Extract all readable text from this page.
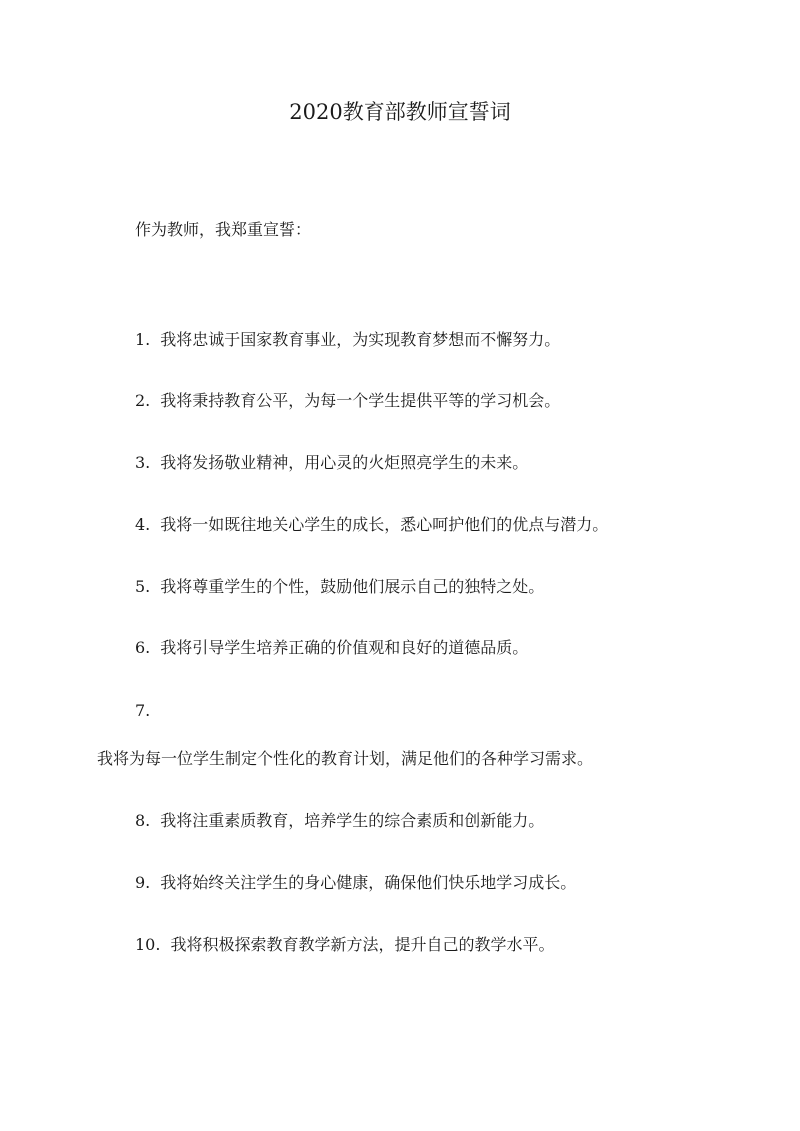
2020教育部教师宣誓词

作为教师，我郑重宣誓：

1. 我将忠诚于国家教育事业，为实现教育梦想而不懈努力。

2. 我将秉持教育公平，为每一个学生提供平等的学习机会。

3. 我将发扬敬业精神，用心灵的火炬照亮学生的未来。

4. 我将一如既往地关心学生的成长，悉心呵护他们的优点与潜力。

5. 我将尊重学生的个性，鼓励他们展示自己的独特之处。

6. 我将引导学生培养正确的价值观和良好的道德品质。

7.

我将为每一位学生制定个性化的教育计划，满足他们的各种学习需求。

8. 我将注重素质教育，培养学生的综合素质和创新能力。

9. 我将始终关注学生的身心健康，确保他们快乐地学习成长。

10. 我将积极探索教育教学新方法，提升自己的教学水平。
